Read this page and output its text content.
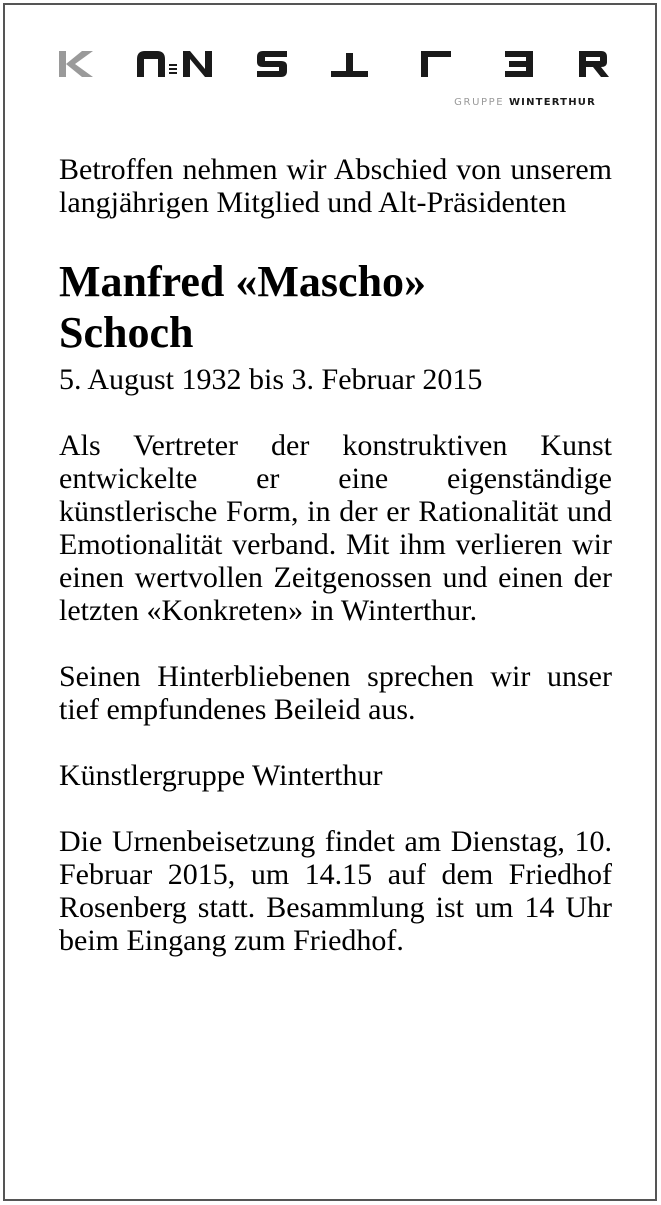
GRUPPE WINTERTHUR

Betroffen nehmen wir Abschied von unserem langjährigen Mitglied und Alt-Präsidenten

Manfred «Mascho»
Schoch

5. August 1932 bis 3. Februar 2015

Als Vertreter der konstruktiven Kunst entwickelte er eine eigenständige künstlerische Form, in der er Rationalität und Emotionalität verband. Mit ihm verlieren wir einen wertvollen Zeitgenossen und einen der letzten «Konkreten» in Winterthur.

Seinen Hinterbliebenen sprechen wir unser tief empfundenes Beileid aus.

Künstlergruppe Winterthur

Die Urnenbeisetzung findet am Dienstag, 10. Februar 2015, um 14.15 auf dem Friedhof Rosenberg statt. Besammlung ist um 14 Uhr beim Eingang zum Friedhof.
